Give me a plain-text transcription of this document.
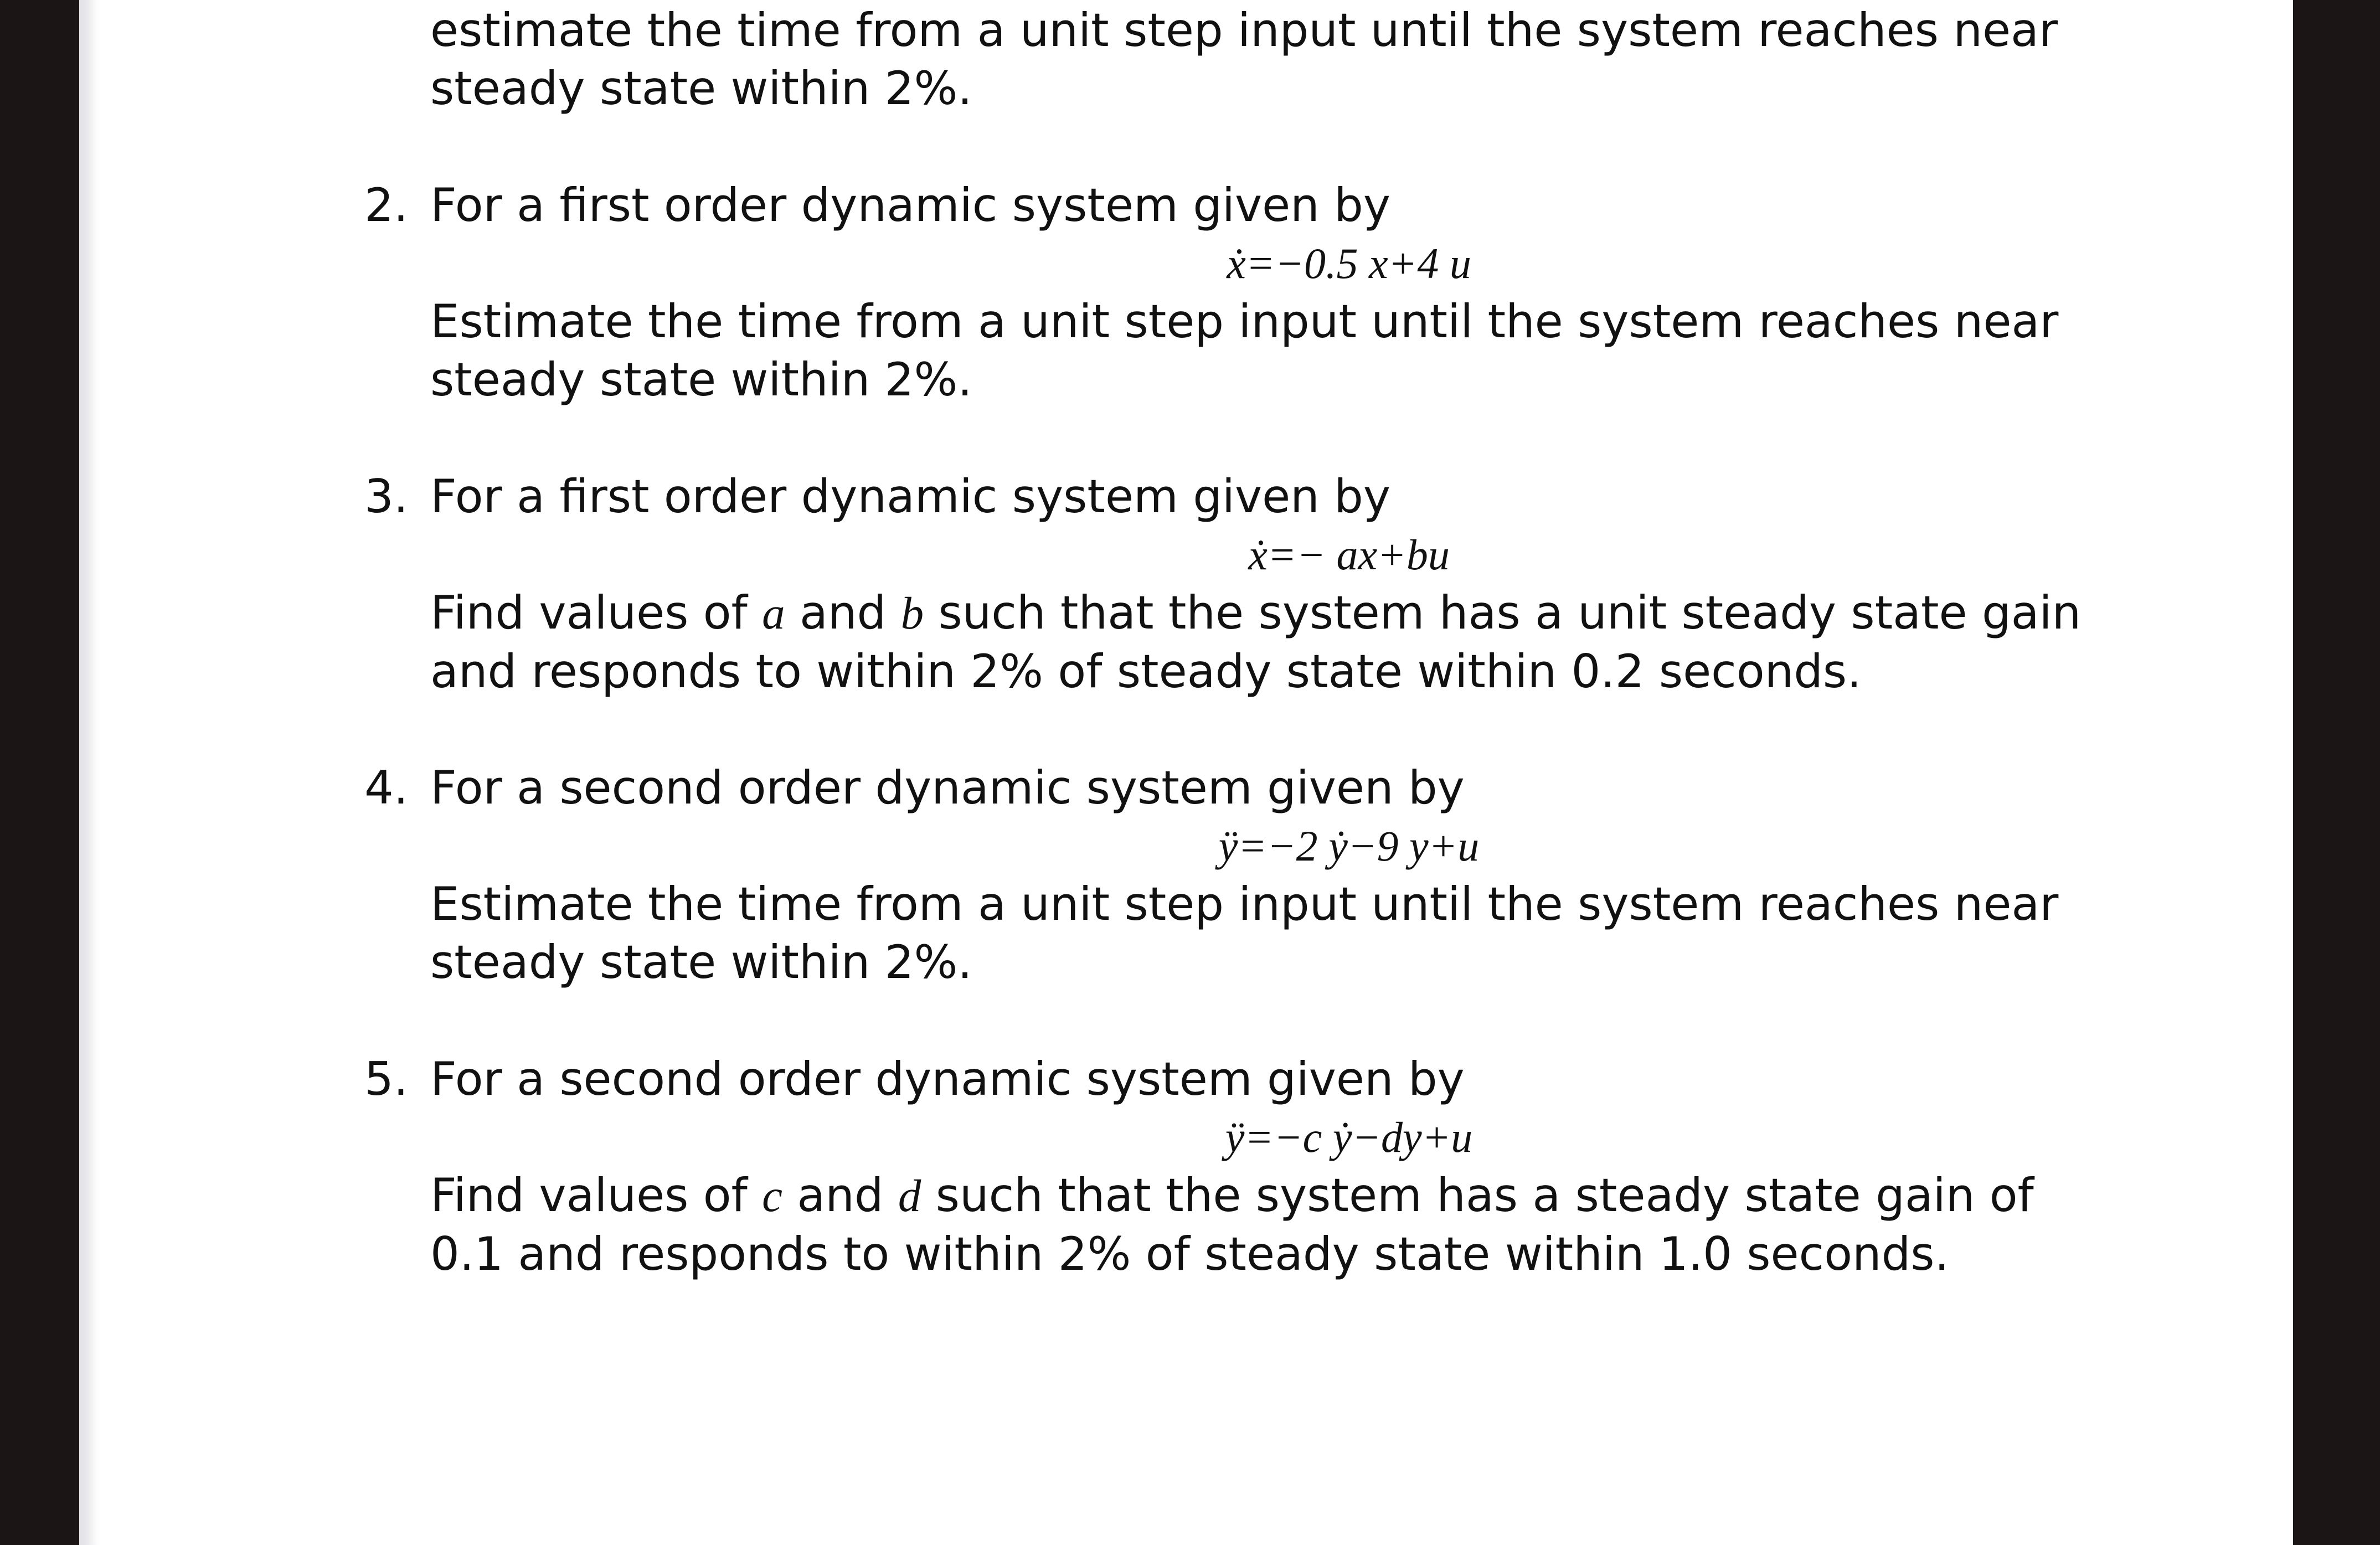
estimate the time from a unit step input until the system reaches near

steady state within 2%.

2. For a first order dynamic system given by

ẋ=−0.5 x+4 u

Estimate the time from a unit step input until the system reaches near

steady state within 2%.

3. For a first order dynamic system given by

ẋ=− ax+bu

Find values of a and b such that the system has a unit steady state gain

and responds to within 2% of steady state within 0.2 seconds.

4. For a second order dynamic system given by

ÿ=−2 ẏ−9 y+u

Estimate the time from a unit step input until the system reaches near

steady state within 2%.

5. For a second order dynamic system given by

ÿ=−c ẏ−dy+u

Find values of c and d such that the system has a steady state gain of

0.1 and responds to within 2% of steady state within 1.0 seconds.
